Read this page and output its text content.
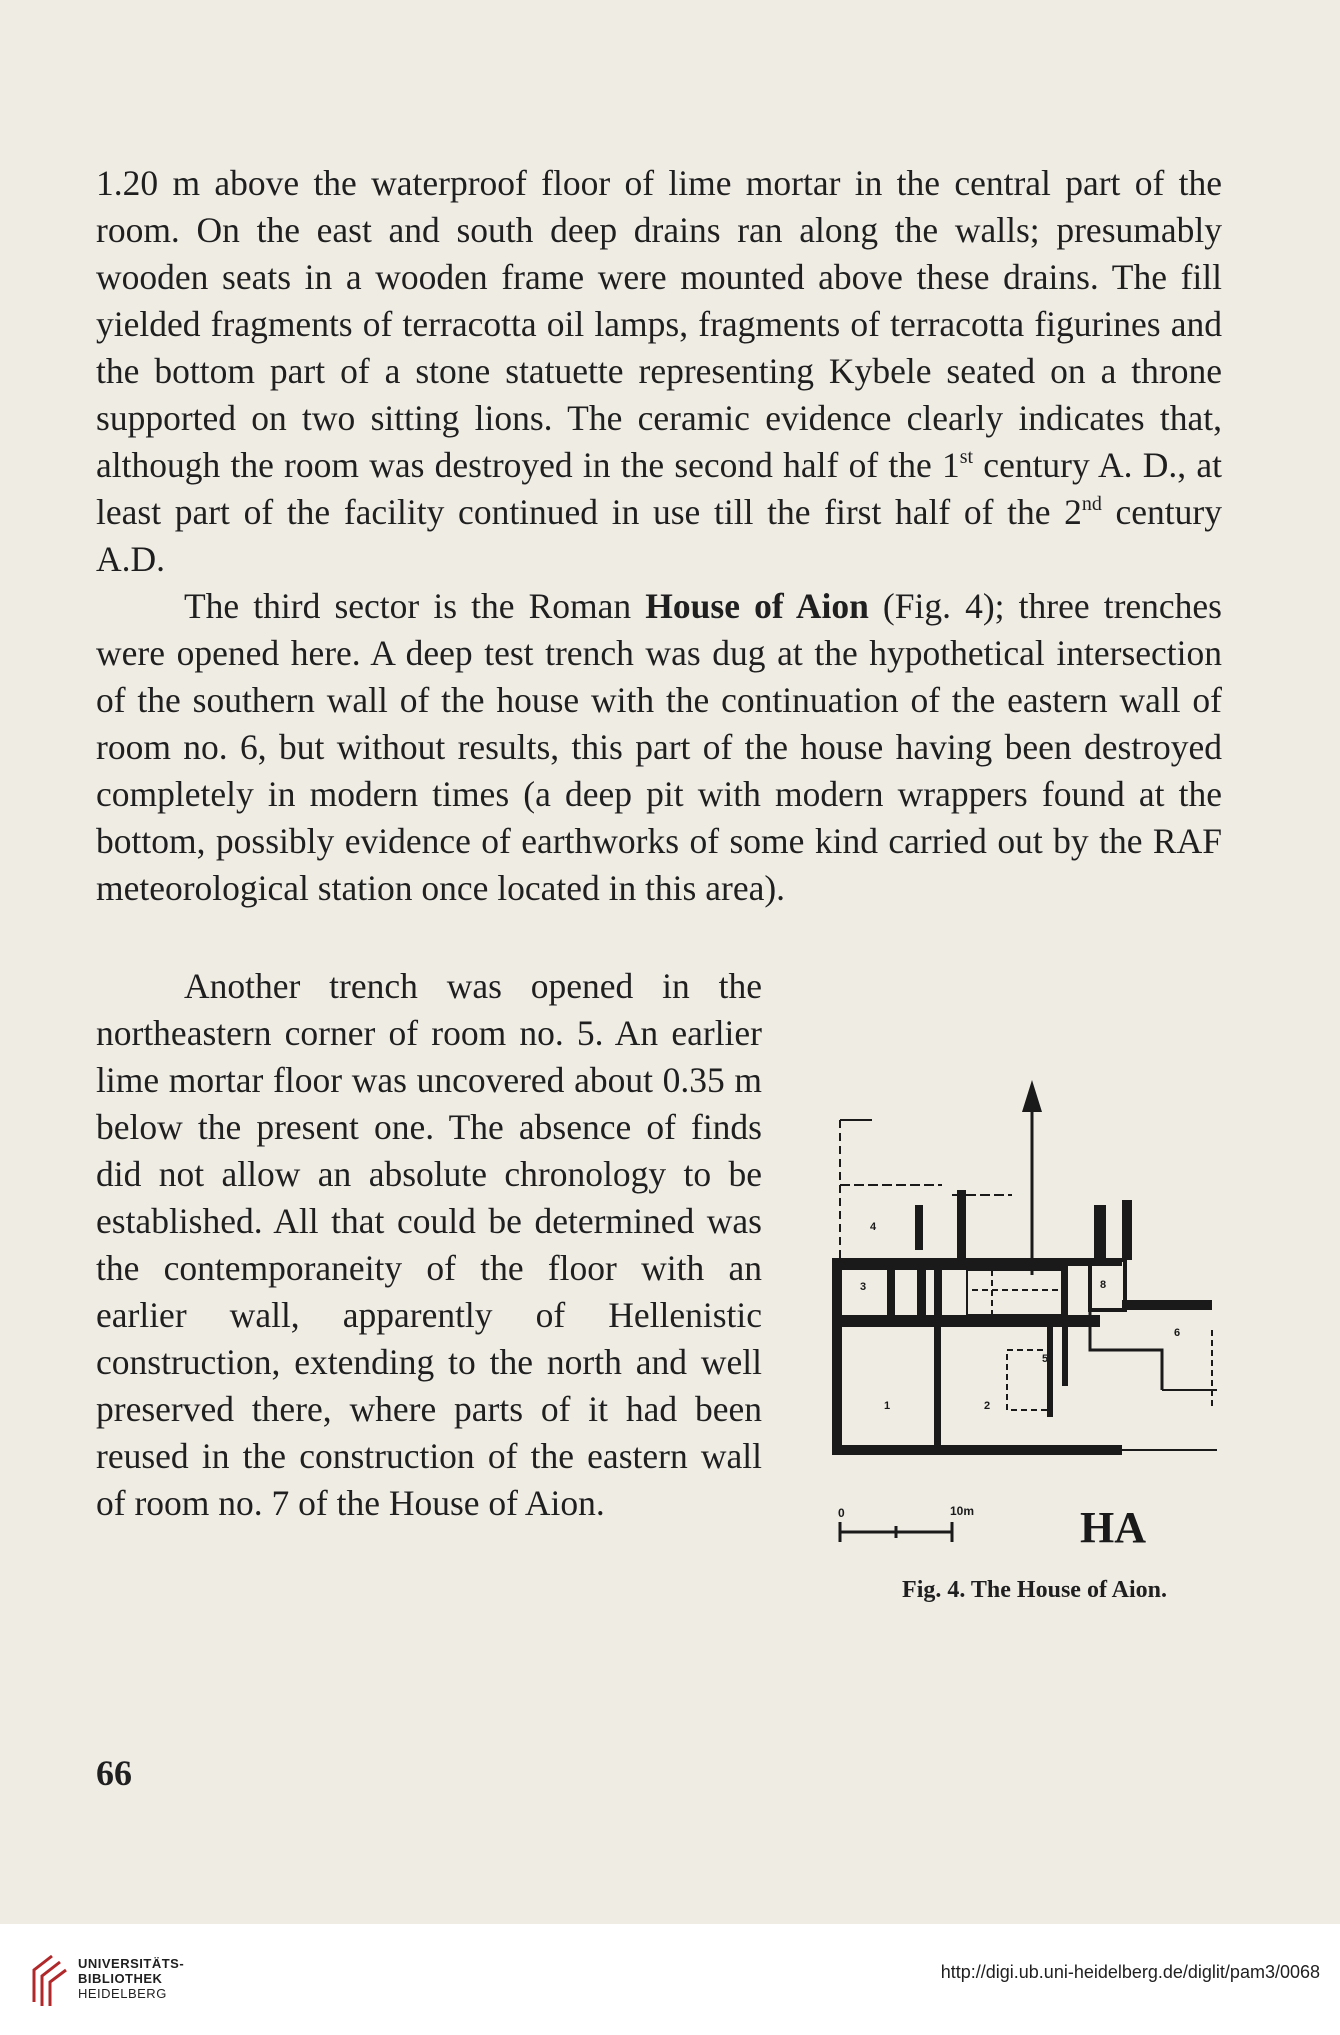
1.20 m above the waterproof floor of lime mortar in the central part of the room. On the east and south deep drains ran along the walls; presumably wooden seats in a wooden frame were mounted above these drains. The fill yielded fragments of terracotta oil lamps, fragments of terracotta figurines and the bottom part of a stone statuette representing Kybele seated on a throne supported on two sitting lions. The ceramic evidence clearly indicates that, although the room was destroyed in the second half of the 1st century A. D., at least part of the facility continued in use till the first half of the 2nd century A.D.

The third sector is the Roman House of Aion (Fig. 4); three trenches were opened here. A deep test trench was dug at the hypothetical intersection of the southern wall of the house with the continuation of the eastern wall of room no. 6, but without results, this part of the house having been destroyed completely in modern times (a deep pit with modern wrappers found at the bottom, possibly evidence of earthworks of some kind carried out by the RAF meteorological station once located in this area).

Another trench was opened in the northeastern corner of room no. 5. An earlier lime mortar floor was uncovered about 0.35 m below the present one. The absence of finds did not allow an absolute chronology to be established. All that could be determined was the contemporaneity of the floor with an earlier wall, apparently of Hellenistic construction, extending to the north and well preserved there, where parts of it had been reused in the construction of the eastern wall of room no. 7 of the House of Aion.

4
3	8
7
6
5
1	2
0	10m HA
Fig. 4. The House of Aion.
66
UNIVERSITÄTS-
BIBLIOTHEK
HEIDELBERG
http://digi.ub.uni-heidelberg.de/diglit/pam3/0068
